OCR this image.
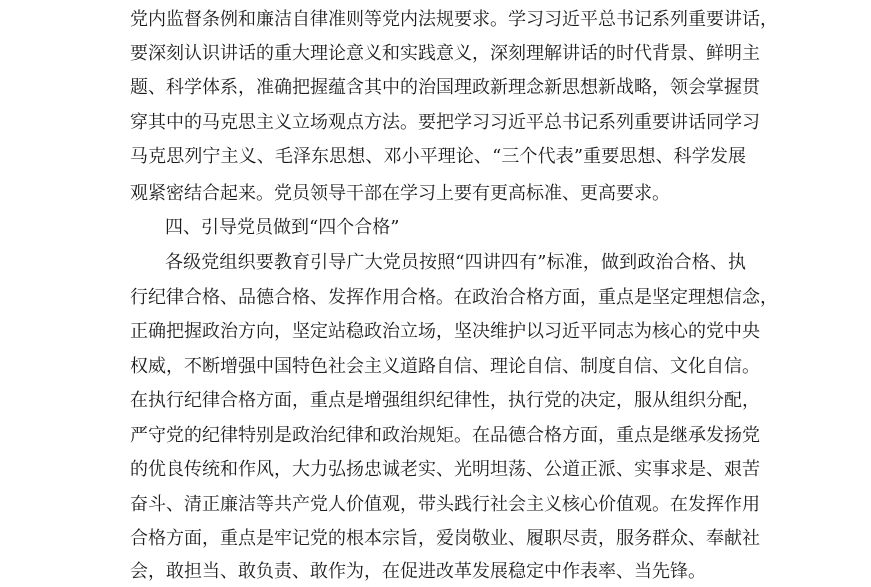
党内监督条例和廉洁自律准则等党内法规要求。学习习近平总书记系列重要讲话，
要深刻认识讲话的重大理论意义和实践意义，深刻理解讲话的时代背景、鲜明主
题、科学体系，准确把握蕴含其中的治国理政新理念新思想新战略，领会掌握贯
穿其中的马克思主义立场观点方法。要把学习习近平总书记系列重要讲话同学习
马克思列宁主义、毛泽东思想、邓小平理论、“三个代表”重要思想、科学发展
观紧密结合起来。党员领导干部在学习上要有更高标准、更高要求。
四、引导党员做到“四个合格”
各级党组织要教育引导广大党员按照“四讲四有”标准，做到政治合格、执
行纪律合格、品德合格、发挥作用合格。在政治合格方面，重点是坚定理想信念，
正确把握政治方向，坚定站稳政治立场，坚决维护以习近平同志为核心的党中央
权威，不断增强中国特色社会主义道路自信、理论自信、制度自信、文化自信。
在执行纪律合格方面，重点是增强组织纪律性，执行党的决定，服从组织分配，
严守党的纪律特别是政治纪律和政治规矩。在品德合格方面，重点是继承发扬党
的优良传统和作风，大力弘扬忠诚老实、光明坦荡、公道正派、实事求是、艰苦
奋斗、清正廉洁等共产党人价值观，带头践行社会主义核心价值观。在发挥作用
合格方面，重点是牢记党的根本宗旨，爱岗敬业、履职尽责，服务群众、奉献社
会，敢担当、敢负责、敢作为，在促进改革发展稳定中作表率、当先锋。
